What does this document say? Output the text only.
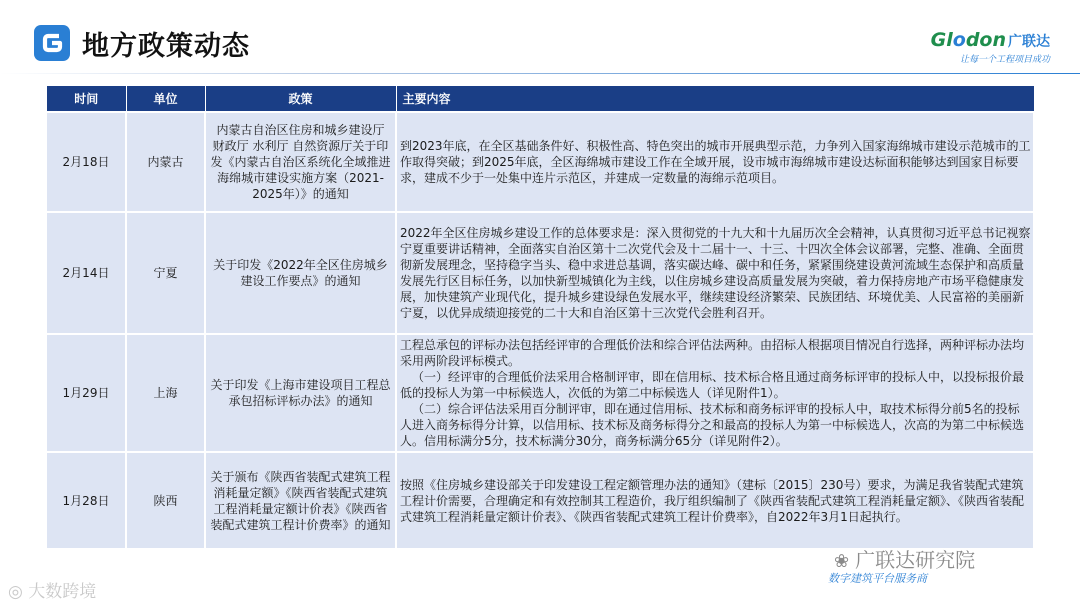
地方政策动态	Glodon 广联达
让每一个工程项目成功
时间	单位	政策	主要内容
2月18日	内蒙古	内蒙古自治区住房和城乡建设厅 财政厅 水利厅 自然资源厅关于印发《内蒙古自治区系统化全域推进海绵城市建设实施方案（2021-2025年）》的通知	到2023年底，在全区基础条件好、积极性高、特色突出的城市开展典型示范，力争列入国家海绵城市建设示范城市的工作取得突破；到2025年底，全区海绵城市建设工作在全域开展，设市城市海绵城市建设达标面积能够达到国家目标要求，建成不少于一处集中连片示范区，并建成一定数量的海绵示范项目。

2月14日	宁夏	关于印发《2022年全区住房城乡建设工作要点》的通知	2022年全区住房城乡建设工作的总体要求是：深入贯彻党的十九大和十九届历次全会精神，认真贯彻习近平总书记视察宁夏重要讲话精神，全面落实自治区第十二次党代会及十二届十一、十三、十四次全体会议部署，完整、准确、全面贯彻新发展理念，坚持稳字当头、稳中求进总基调，落实碳达峰、碳中和任务，紧紧围绕建设黄河流域生态保护和高质量发展先行区目标任务，以加快新型城镇化为主线，以住房城乡建设高质量发展为突破，着力保持房地产市场平稳健康发展，加快建筑产业现代化，提升城乡建设绿色发展水平，继续建设经济繁荣、民族团结、环境优美、人民富裕的美丽新宁夏，以优异成绩迎接党的二十大和自治区第十三次党代会胜利召开。

1月29日	上海	关于印发《上海市建设项目工程总承包招标评标办法》的通知	工程总承包的评标办法包括经评审的合理低价法和综合评估法两种。由招标人根据项目情况自行选择，两种评标办法均采用两阶段评标模式。

（一）经评审的合理低价法采用合格制评审，即在信用标、技术标合格且通过商务标评审的投标人中，以投标报价最低的投标人为第一中标候选人，次低的为第二中标候选人（详见附件1）。

（二）综合评估法采用百分制评审，即在通过信用标、技术标和商务标评审的投标人中，取技术标得分前5名的投标人进入商务标得分计算，以信用标、技术标及商务标得分之和最高的投标人为第一中标候选人，次高的为第二中标候选人。信用标满分5分，技术标满分30分，商务标满分65分（详见附件2）。

1月28日	陕西	关于颁布《陕西省装配式建筑工程消耗量定额》《陕西省装配式建筑工程消耗量定额计价表》《陕西省装配式建筑工程计价费率》的通知	按照《住房城乡建设部关于印发建设工程定额管理办法的通知》（建标〔2015〕230号）要求，为满足我省装配式建筑工程计价需要，合理确定和有效控制其工程造价，我厅组织编制了《陕西省装配式建筑工程消耗量定额》、《陕西省装配式建筑工程消耗量定额计价表》、《陕西省装配式建筑工程计价费率》，自2022年3月1日起执行。

◎ 大数跨境
❀ 广联达研究院
数字建筑平台服务商
